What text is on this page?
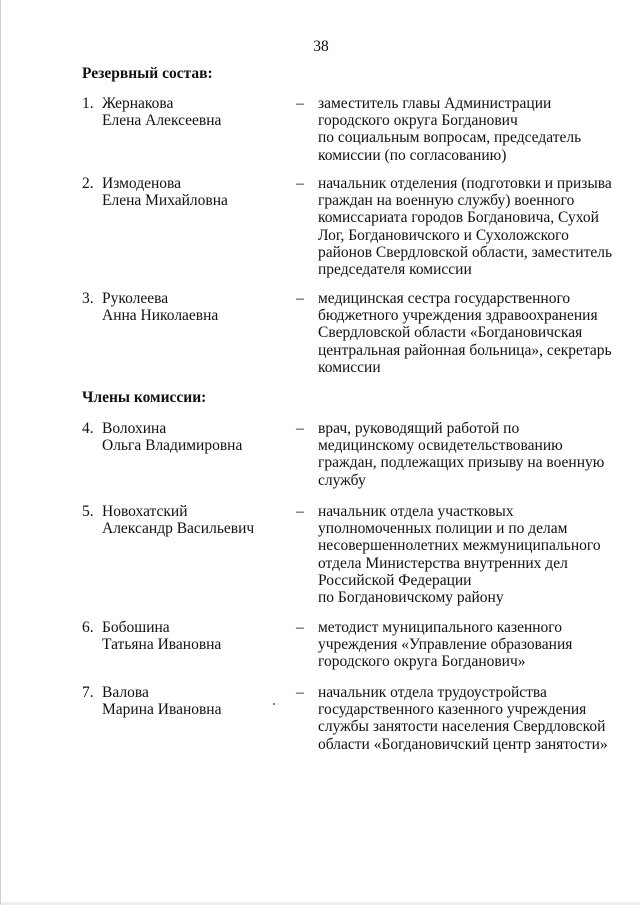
38
Резервный состав:
1. Жернакова
Елена Алексеевна
– заместитель главы Администрации
городского округа Богданович
по социальным вопросам, председатель
комиссии (по согласованию)
2. Измоденова
Елена Михайловна
– начальник отделения (подготовки и призыва
граждан на военную службу) военного
комиссариата городов Богдановича, Сухой
Лог, Богдановичского и Сухоложского
районов Свердловской области, заместитель
председателя комиссии
3. Руколеева
Анна Николаевна
– медицинская сестра государственного
бюджетного учреждения здравоохранения
Свердловской области «Богдановичская
центральная районная больница», секретарь
комиссии
Члены комиссии:
4. Волохина
Ольга Владимировна
– врач, руководящий работой по
медицинскому освидетельствованию
граждан, подлежащих призыву на военную
службу
5. Новохатский
Александр Васильевич
– начальник отдела участковых
уполномоченных полиции и по делам
несовершеннолетних межмуниципального
отдела Министерства внутренних дел
Российской Федерации
по Богдановичскому району
6. Бобошина
Татьяна Ивановна
– методист муниципального казенного
учреждения «Управление образования
городского округа Богданович»
7. Валова
Марина Ивановна
– начальник отдела трудоустройства
государственного казенного учреждения
службы занятости населения Свердловской
области «Богдановичский центр занятости»
